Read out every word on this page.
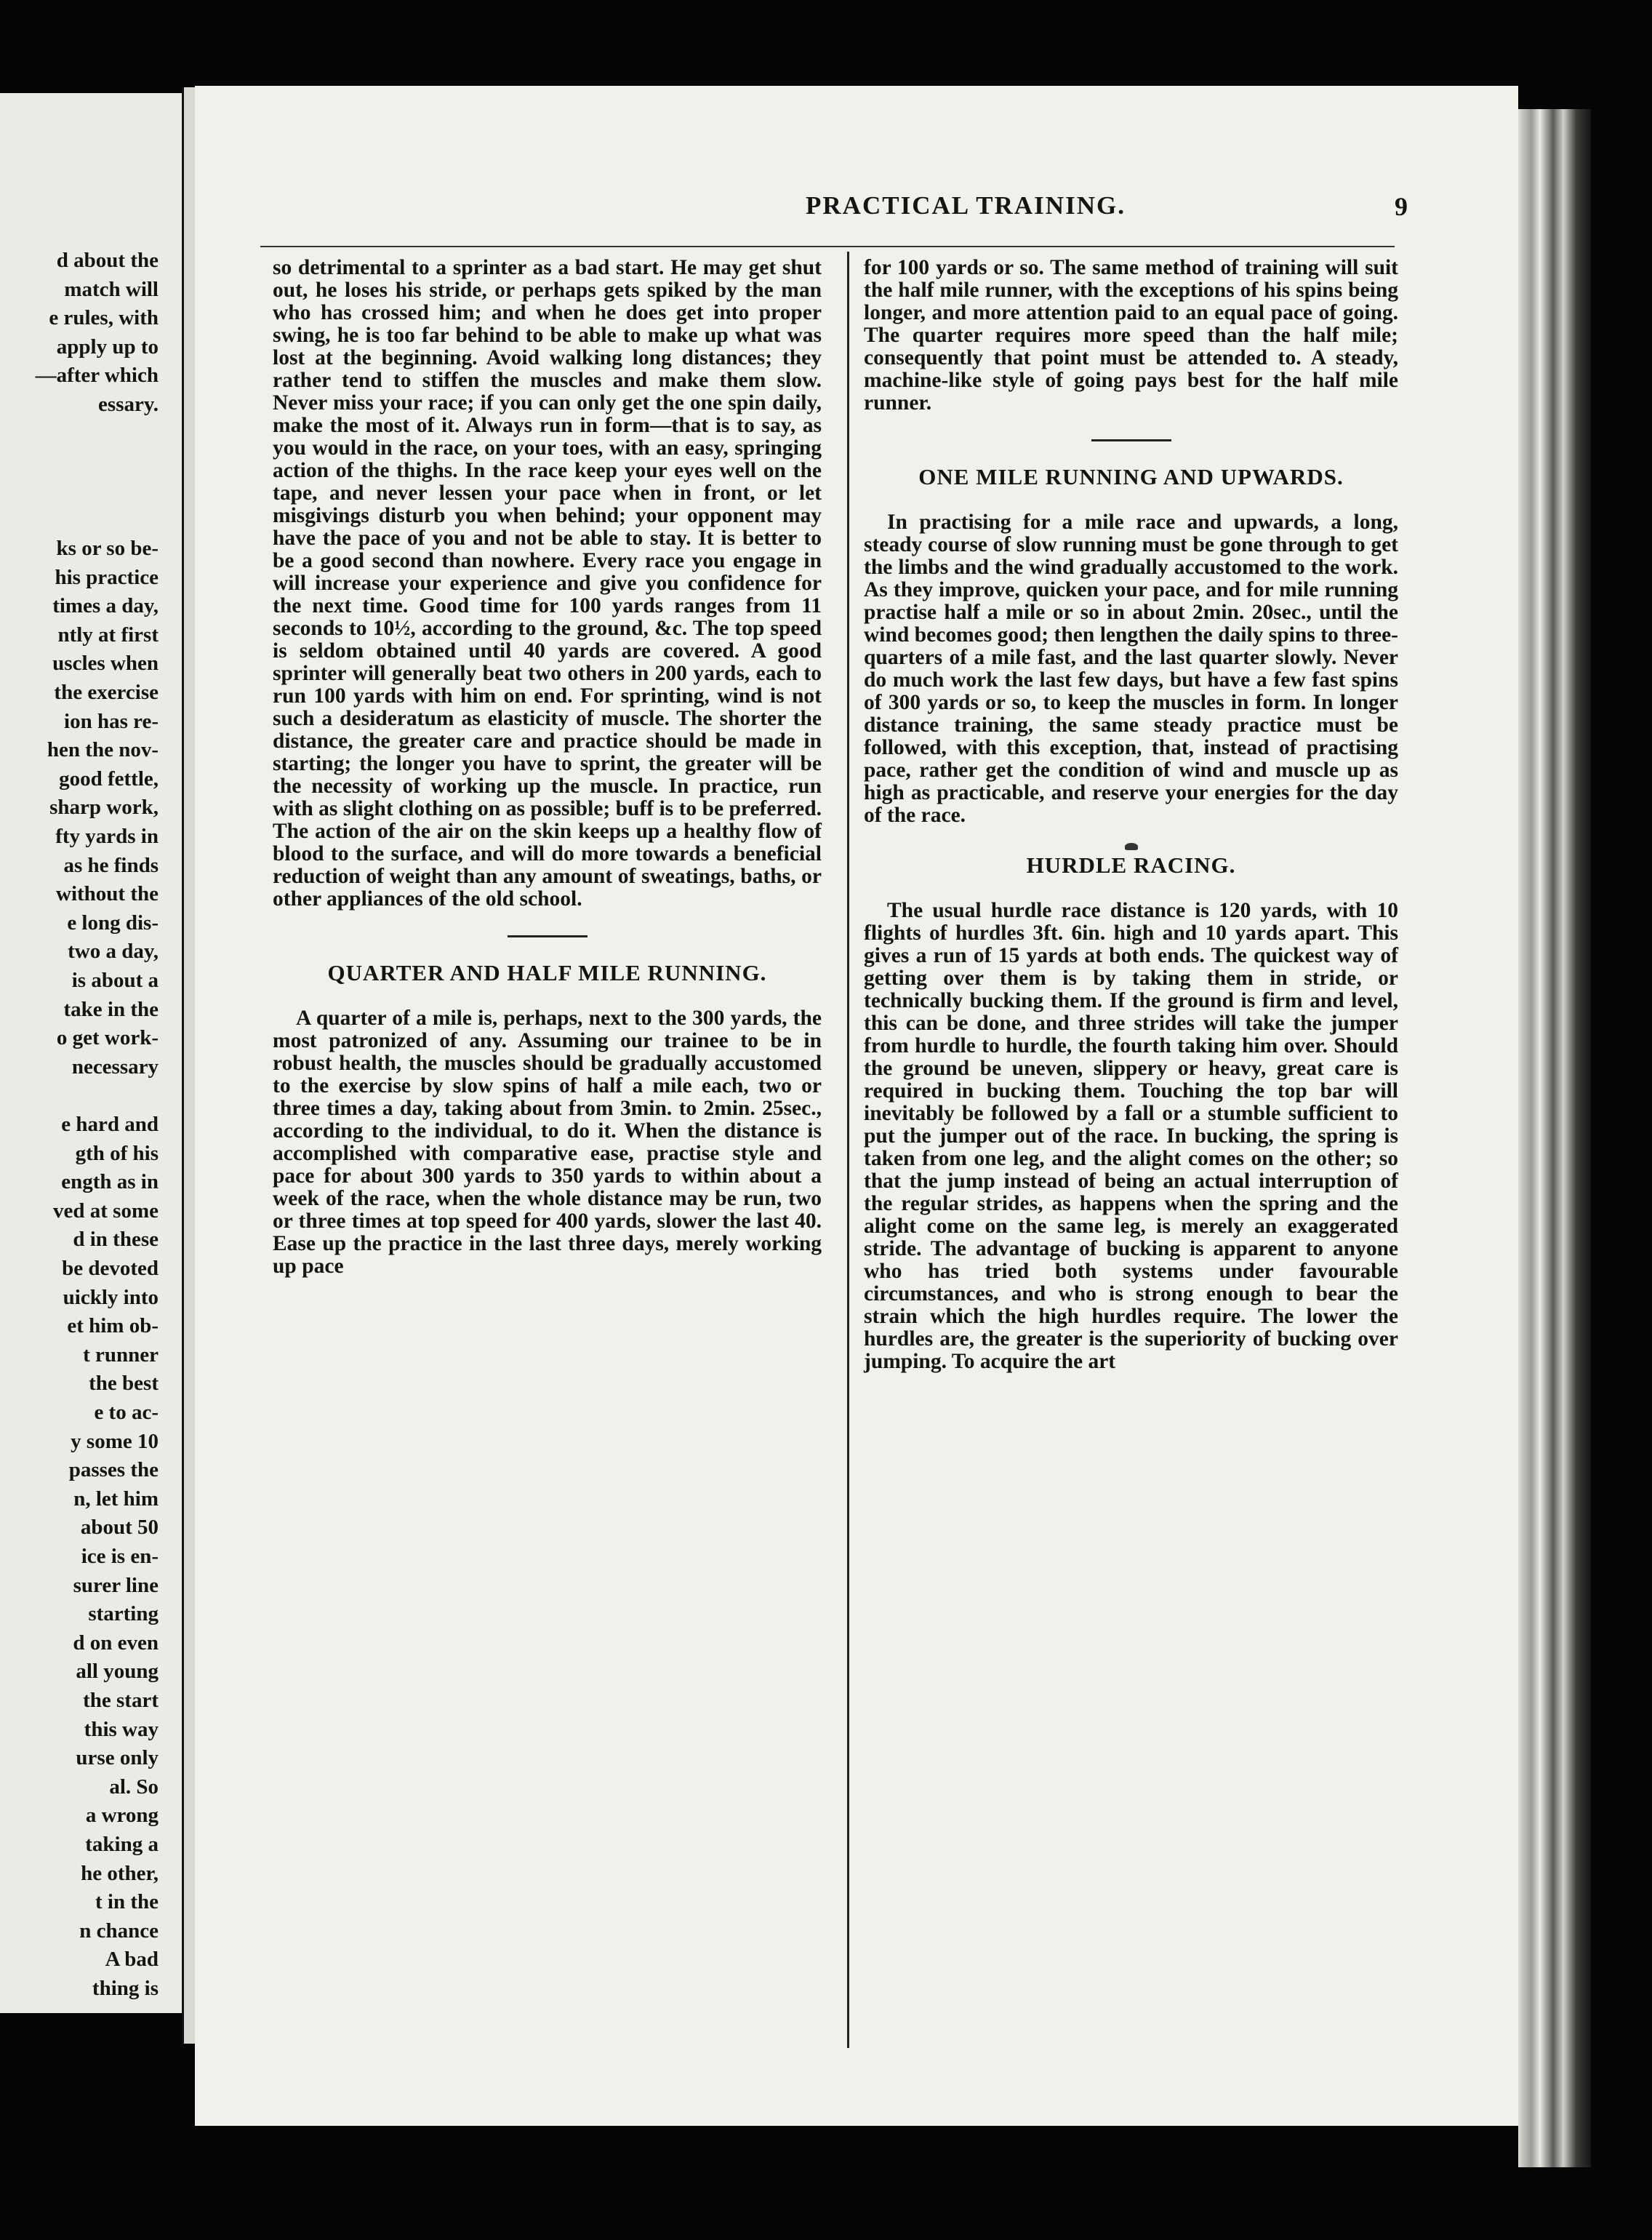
d about the
match will
e rules, with
apply up to
—after which
essary.
ks or so be-
his practice
times a day,
ntly at first
uscles when
the exercise
ion has re-
hen the nov-
good fettle,
sharp work,
fty yards in
as he finds
without the
e long dis-
two a day,
is about a
take in the
o get work-
necessary
e hard and
gth of his
ength as in
ved at some
d in these
be devoted
uickly into
et him ob-
t runner
the best
e to ac-
y some 10
passes the
n, let him
about 50
ice is en-
surer line
starting
d on even
all young
the start
this way
urse only
al. So
a wrong
taking a
he other,
t in the
n chance
A bad
thing is
PRACTICAL TRAINING.	9

so detrimental to a sprinter as a bad start. He may get shut out, he loses his stride, or perhaps gets spiked by the man who has crossed him; and when he does get into proper swing, he is too far behind to be able to make up what was lost at the beginning. Avoid walking long distances; they rather tend to stiffen the muscles and make them slow. Never miss your race; if you can only get the one spin daily, make the most of it. Always run in form—that is to say, as you would in the race, on your toes, with an easy, springing action of the thighs. In the race keep your eyes well on the tape, and never lessen your pace when in front, or let misgivings disturb you when behind; your opponent may have the pace of you and not be able to stay. It is better to be a good second than nowhere. Every race you engage in will increase your experience and give you confidence for the next time. Good time for 100 yards ranges from 11 seconds to 10½, according to the ground, &c. The top speed is seldom obtained until 40 yards are covered. A good sprinter will generally beat two others in 200 yards, each to run 100 yards with him on end. For sprinting, wind is not such a desideratum as elasticity of muscle. The shorter the distance, the greater care and practice should be made in starting; the longer you have to sprint, the greater will be the necessity of working up the muscle. In practice, run with as slight clothing on as possible; buff is to be preferred. The action of the air on the skin keeps up a healthy flow of blood to the surface, and will do more towards a beneficial reduction of weight than any amount of sweatings, baths, or other appliances of the old school.

QUARTER AND HALF MILE RUNNING.

A quarter of a mile is, perhaps, next to the 300 yards, the most patronized of any. Assuming our trainee to be in robust health, the muscles should be gradually accustomed to the exercise by slow spins of half a mile each, two or three times a day, taking about from 3min. to 2min. 25sec., according to the individual, to do it. When the distance is accomplished with comparative ease, practise style and pace for about 300 yards to 350 yards to within about a week of the race, when the whole distance may be run, two or three times at top speed for 400 yards, slower the last 40. Ease up the practice in the last three days, merely working up pace

for 100 yards or so. The same method of training will suit the half mile runner, with the exceptions of his spins being longer, and more attention paid to an equal pace of going. The quarter requires more speed than the half mile; consequently that point must be attended to. A steady, machine-like style of going pays best for the half mile runner.

ONE MILE RUNNING AND UPWARDS.

In practising for a mile race and upwards, a long, steady course of slow running must be gone through to get the limbs and the wind gradually accustomed to the work. As they improve, quicken your pace, and for mile running practise half a mile or so in about 2min. 20sec., until the wind becomes good; then lengthen the daily spins to three-quarters of a mile fast, and the last quarter slowly. Never do much work the last few days, but have a few fast spins of 300 yards or so, to keep the muscles in form. In longer distance training, the same steady practice must be followed, with this exception, that, instead of practising pace, rather get the condition of wind and muscle up as high as practicable, and reserve your energies for the day of the race.

HURDLE RACING.

The usual hurdle race distance is 120 yards, with 10 flights of hurdles 3ft. 6in. high and 10 yards apart. This gives a run of 15 yards at both ends. The quickest way of getting over them is by taking them in stride, or technically bucking them. If the ground is firm and level, this can be done, and three strides will take the jumper from hurdle to hurdle, the fourth taking him over. Should the ground be uneven, slippery or heavy, great care is required in bucking them. Touching the top bar will inevitably be followed by a fall or a stumble sufficient to put the jumper out of the race. In bucking, the spring is taken from one leg, and the alight comes on the other; so that the jump instead of being an actual interruption of the regular strides, as happens when the spring and the alight come on the same leg, is merely an exaggerated stride. The advantage of bucking is apparent to anyone who has tried both systems under favourable circumstances, and who is strong enough to bear the strain which the high hurdles require. The lower the hurdles are, the greater is the superiority of bucking over jumping. To acquire the art
